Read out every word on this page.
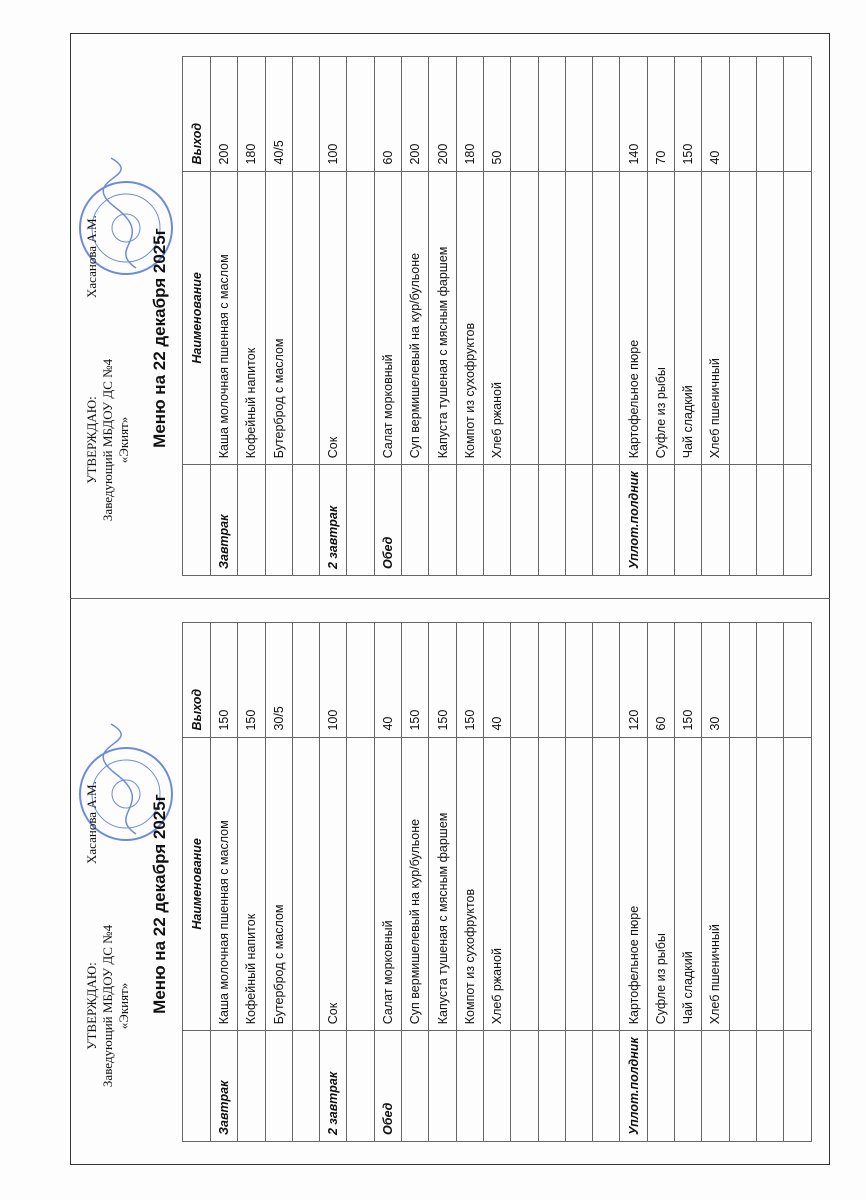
УТВЕРЖДАЮ: Заведующий МБДОУ ДС №4 «Экият»
Хасанова А.М.	Меню на 22 декабря 2025г
	Наименование	Выход
Завтрак	Каша молочная пшенная с маслом	150
	Кофейный напиток	150
	Бутерброд с маслом	30/5

2 завтрак	Сок	100

Обед	Салат морковный	40
	Суп вермишелевый на кур/бульоне	150
	Капуста тушеная с мясным фаршем	150
	Компот из сухофруктов	150
	Хлеб ржаной	40

Уплот.полдник	Картофельное пюре	120
	Суфле из рыбы	60
	Чай сладкий	150
	Хлеб пшеничный	30

УТВЕРЖДАЮ: Заведующий МБДОУ ДС №4 «Экият»
Хасанова А.М.	Меню на 22 декабря 2025г
	Наименование	Выход
Завтрак	Каша молочная пшенная с маслом	200
	Кофейный напиток	180
	Бутерброд с маслом	40/5

2 завтрак	Сок	100

Обед	Салат морковный	60
	Суп вермишелевый на кур/бульоне	200
	Капуста тушеная с мясным фаршем	200
	Компот из сухофруктов	180
	Хлеб ржаной	50

Уплот.полдник	Картофельное пюре	140
	Суфле из рыбы	70
	Чай сладкий	150
	Хлеб пшеничный	40
